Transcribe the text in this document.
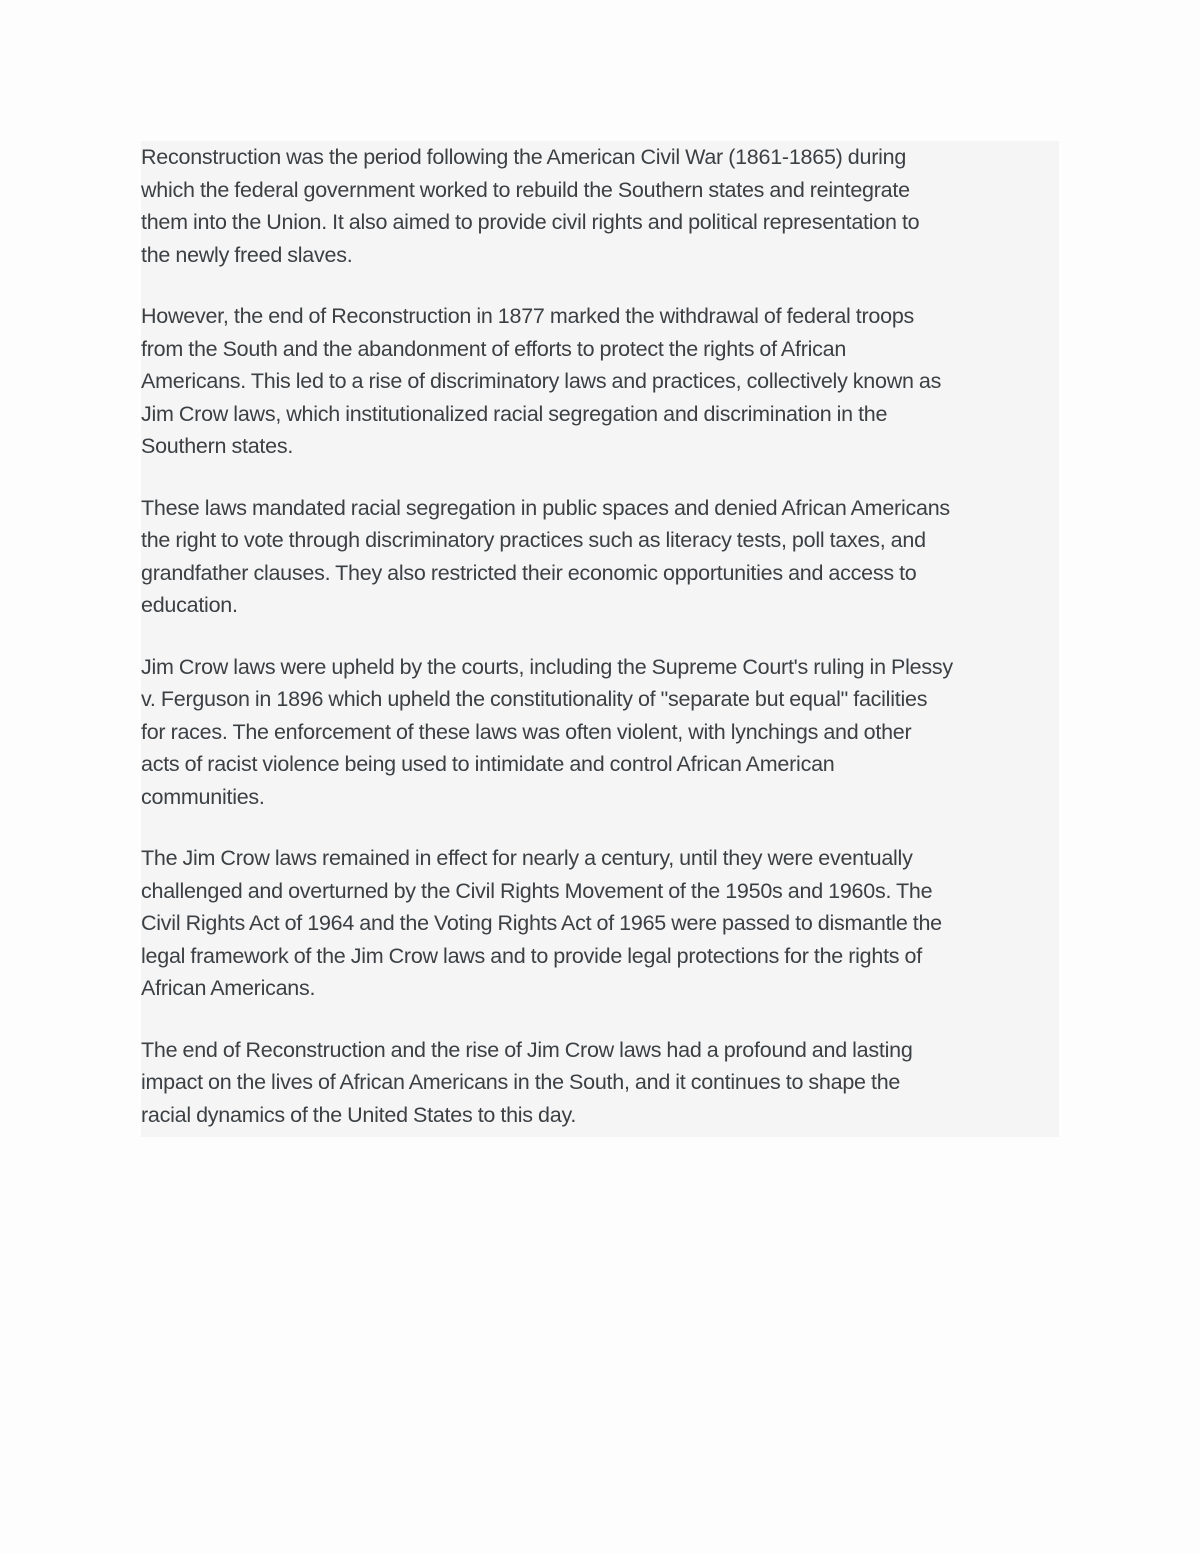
Reconstruction was the period following the American Civil War (1861-1865) during
which the federal government worked to rebuild the Southern states and reintegrate
them into the Union. It also aimed to provide civil rights and political representation to
the newly freed slaves.

However, the end of Reconstruction in 1877 marked the withdrawal of federal troops
from the South and the abandonment of efforts to protect the rights of African
Americans. This led to a rise of discriminatory laws and practices, collectively known as
Jim Crow laws, which institutionalized racial segregation and discrimination in the
Southern states.

These laws mandated racial segregation in public spaces and denied African Americans
the right to vote through discriminatory practices such as literacy tests, poll taxes, and
grandfather clauses. They also restricted their economic opportunities and access to
education.

Jim Crow laws were upheld by the courts, including the Supreme Court's ruling in Plessy
v. Ferguson in 1896 which upheld the constitutionality of "separate but equal" facilities
for races. The enforcement of these laws was often violent, with lynchings and other
acts of racist violence being used to intimidate and control African American
communities.

The Jim Crow laws remained in effect for nearly a century, until they were eventually
challenged and overturned by the Civil Rights Movement of the 1950s and 1960s. The
Civil Rights Act of 1964 and the Voting Rights Act of 1965 were passed to dismantle the
legal framework of the Jim Crow laws and to provide legal protections for the rights of
African Americans.

The end of Reconstruction and the rise of Jim Crow laws had a profound and lasting
impact on the lives of African Americans in the South, and it continues to shape the
racial dynamics of the United States to this day.
